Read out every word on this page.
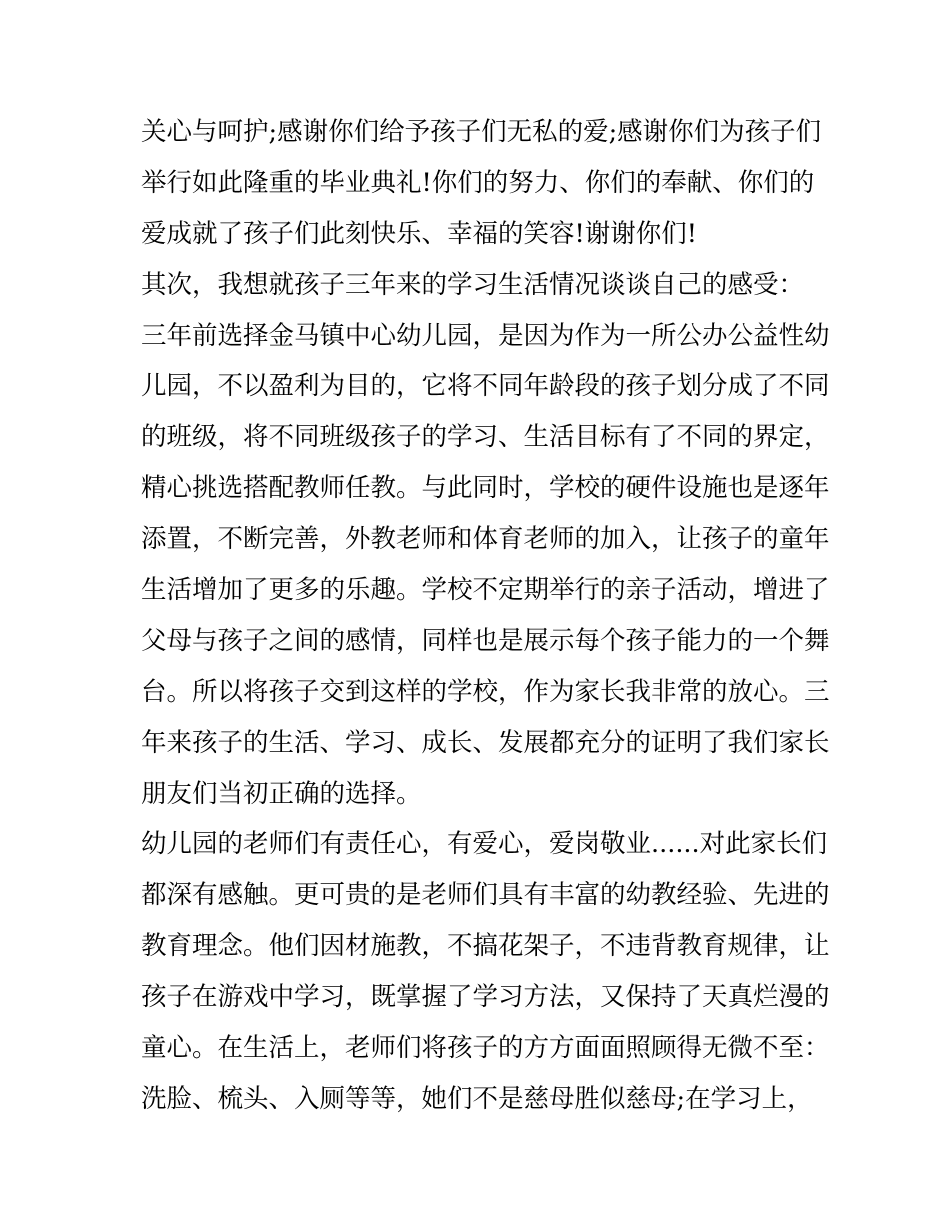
关心与呵护;感谢你们给予孩子们无私的爱;感谢你们为孩子们
举行如此隆重的毕业典礼!你们的努力、你们的奉献、你们的
爱成就了孩子们此刻快乐、幸福的笑容!谢谢你们!
其次，我想就孩子三年来的学习生活情况谈谈自己的感受：
三年前选择金马镇中心幼儿园，是因为作为一所公办公益性幼
儿园，不以盈利为目的，它将不同年龄段的孩子划分成了不同
的班级，将不同班级孩子的学习、生活目标有了不同的界定，
精心挑选搭配教师任教。与此同时，学校的硬件设施也是逐年
添置，不断完善，外教老师和体育老师的加入，让孩子的童年
生活增加了更多的乐趣。学校不定期举行的亲子活动，增进了
父母与孩子之间的感情，同样也是展示每个孩子能力的一个舞
台。所以将孩子交到这样的学校，作为家长我非常的放心。三
年来孩子的生活、学习、成长、发展都充分的证明了我们家长
朋友们当初正确的选择。
幼儿园的老师们有责任心，有爱心，爱岗敬业......对此家长们
都深有感触。更可贵的是老师们具有丰富的幼教经验、先进的
教育理念。他们因材施教，不搞花架子，不违背教育规律，让
孩子在游戏中学习，既掌握了学习方法，又保持了天真烂漫的
童心。在生活上，老师们将孩子的方方面面照顾得无微不至：
洗脸、梳头、入厕等等，她们不是慈母胜似慈母;在学习上，
